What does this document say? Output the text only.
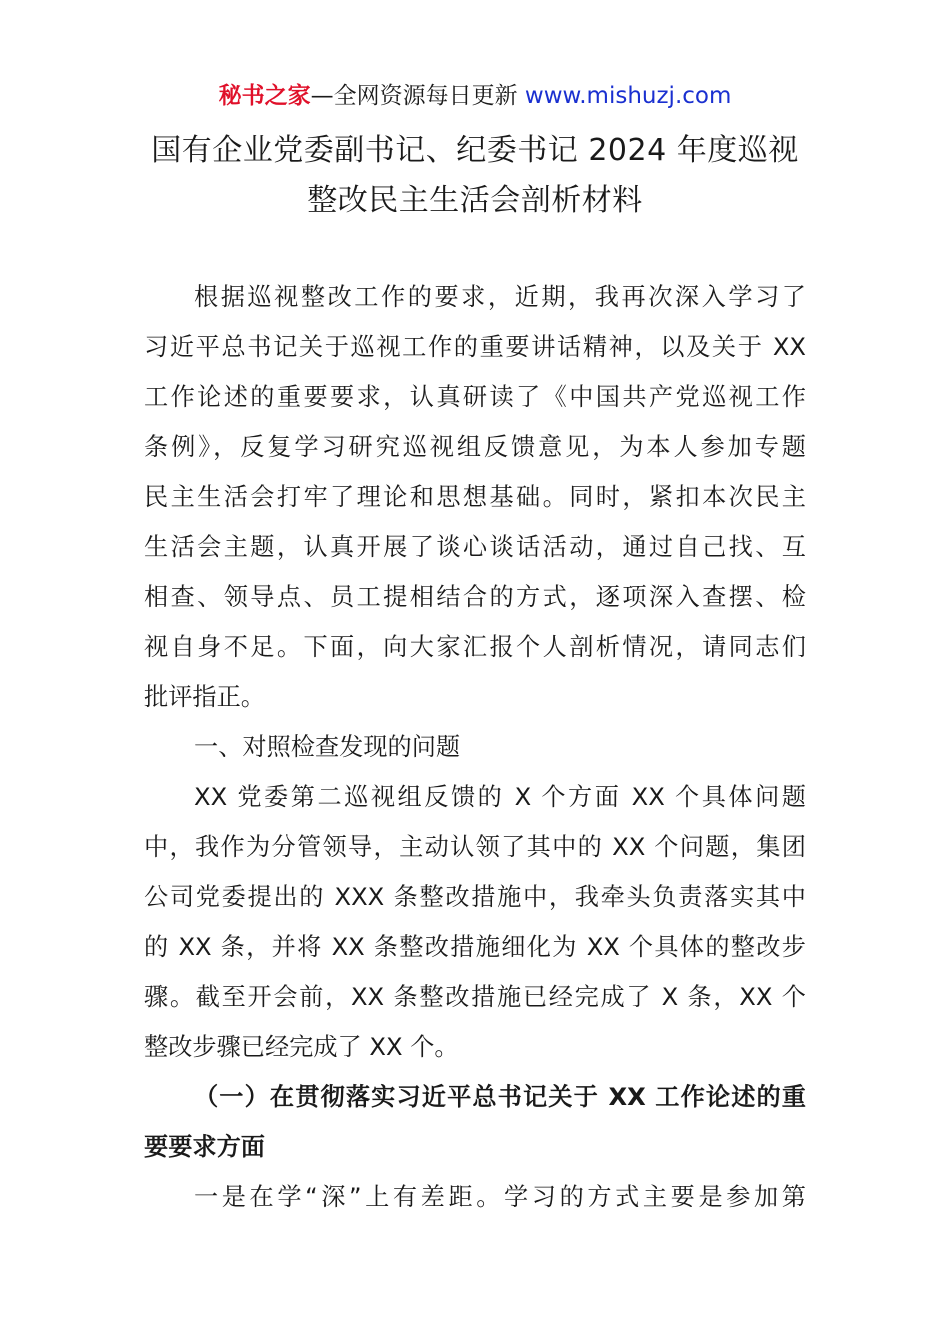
秘书之家—全网资源每日更新 www.mishuzj.com
国有企业党委副书记、纪委书记 2024 年度巡视
整改民主生活会剖析材料
根据巡视整改工作的要求，近期，我再次深入学习了
习近平总书记关于巡视工作的重要讲话精神，以及关于 XX
工作论述的重要要求，认真研读了《中国共产党巡视工作
条例》，反复学习研究巡视组反馈意见，为本人参加专题
民主生活会打牢了理论和思想基础。同时，紧扣本次民主
生活会主题，认真开展了谈心谈话活动，通过自己找、互
相查、领导点、员工提相结合的方式，逐项深入查摆、检
视自身不足。下面，向大家汇报个人剖析情况，请同志们
批评指正。
一、对照检查发现的问题
XX 党委第二巡视组反馈的 X 个方面 XX 个具体问题
中，我作为分管领导，主动认领了其中的 XX 个问题，集团
公司党委提出的 XXX 条整改措施中，我牵头负责落实其中
的 XX 条，并将 XX 条整改措施细化为 XX 个具体的整改步
骤。截至开会前，XX 条整改措施已经完成了 X 条，XX 个
整改步骤已经完成了 XX 个。
（一）在贯彻落实习近平总书记关于 XX 工作论述的重
要要求方面
一是在学“深”上有差距。学习的方式主要是参加第
